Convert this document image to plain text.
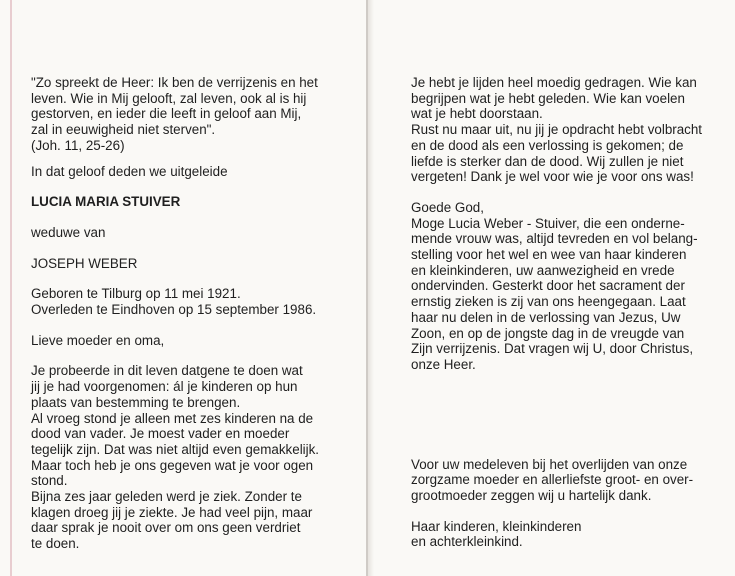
"Zo spreekt de Heer: Ik ben de verrijzenis en het
leven. Wie in Mij gelooft, zal leven, ook al is hij
gestorven, en ieder die leeft in geloof aan Mij,
zal in eeuwigheid niet sterven".
(Joh. 11, 25-26)
In dat geloof deden we uitgeleide
LUCIA MARIA STUIVER
weduwe van
JOSEPH WEBER
Geboren te Tilburg op 11 mei 1921.
Overleden te Eindhoven op 15 september 1986.
Lieve moeder en oma,
Je probeerde in dit leven datgene te doen wat
jij je had voorgenomen: ál je kinderen op hun
plaats van bestemming te brengen.
Al vroeg stond je alleen met zes kinderen na de
dood van vader. Je moest vader en moeder
tegelijk zijn. Dat was niet altijd even gemakkelijk.
Maar toch heb je ons gegeven wat je voor ogen
stond.
Bijna zes jaar geleden werd je ziek. Zonder te
klagen droeg jij je ziekte. Je had veel pijn, maar
daar sprak je nooit over om ons geen verdriet
te doen.
Je hebt je lijden heel moedig gedragen. Wie kan
begrijpen wat je hebt geleden. Wie kan voelen
wat je hebt doorstaan.
Rust nu maar uit, nu jij je opdracht hebt volbracht
en de dood als een verlossing is gekomen; de
liefde is sterker dan de dood. Wij zullen je niet
vergeten! Dank je wel voor wie je voor ons was!
Goede God,
Moge Lucia Weber - Stuiver, die een onderne-
mende vrouw was, altijd tevreden en vol belang-
stelling voor het wel en wee van haar kinderen
en kleinkinderen, uw aanwezigheid en vrede
ondervinden. Gesterkt door het sacrament der
ernstig zieken is zij van ons heengegaan. Laat
haar nu delen in de verlossing van Jezus, Uw
Zoon, en op de jongste dag in de vreugde van
Zijn verrijzenis. Dat vragen wij U, door Christus,
onze Heer.
Voor uw medeleven bij het overlijden van onze
zorgzame moeder en allerliefste groot- en over-
grootmoeder zeggen wij u hartelijk dank.
Haar kinderen, kleinkinderen
en achterkleinkind.
